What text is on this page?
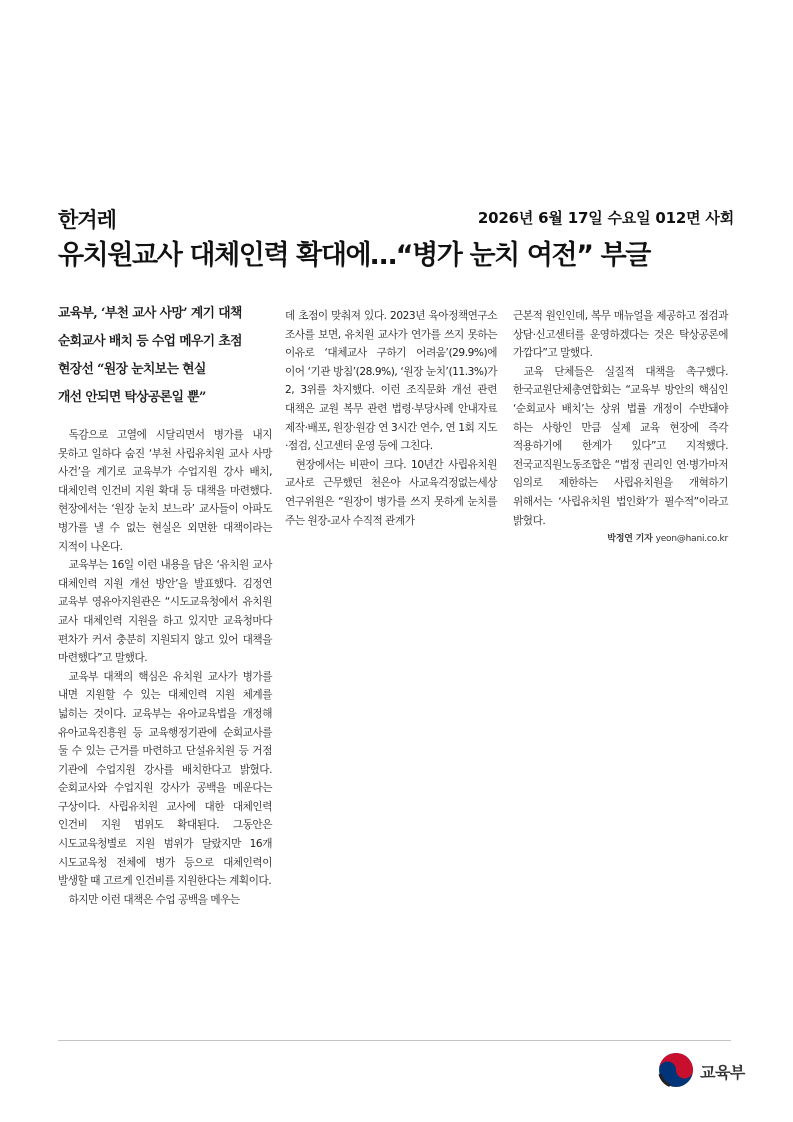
한겨레	2026년 6월 17일 수요일 012면 사회
유치원교사 대체인력 확대에…“병가 눈치 여전” 부글
교육부, ‘부천 교사 사망’ 계기 대책
순회교사 배치 등 수업 메우기 초점
현장선 “원장 눈치보는 현실
개선 안되면 탁상공론일 뿐”

독감으로 고열에 시달리면서 병가를 내지 못하고 일하다 숨진 ‘부천 사립유치원 교사 사망 사건’을 계기로 교육부가 수업지원 강사 배치, 대체인력 인건비 지원 확대 등 대책을 마련했다. 현장에서는 ‘원장 눈치 보느라’ 교사들이 아파도 병가를 낼 수 없는 현실은 외면한 대책이라는 지적이 나온다.

교육부는 16일 이런 내용을 담은 ‘유치원 교사 대체인력 지원 개선 방안’을 발표했다. 김정연 교육부 영유아지원관은 “시도교육청에서 유치원 교사 대체인력 지원을 하고 있지만 교육청마다 편차가 커서 충분히 지원되지 않고 있어 대책을 마련했다”고 말했다.

교육부 대책의 핵심은 유치원 교사가 병가를 내면 지원할 수 있는 대체인력 지원 체계를 넓히는 것이다. 교육부는 유아교육법을 개정해 유아교육진흥원 등 교육행정기관에 순회교사를 둘 수 있는 근거를 마련하고 단설유치원 등 거점 기관에 수업지원 강사를 배치한다고 밝혔다. 순회교사와 수업지원 강사가 공백을 메운다는 구상이다. 사립유치원 교사에 대한 대체인력 인건비 지원 범위도 확대된다. 그동안은 시도교육청별로 지원 범위가 달랐지만 16개 시도교육청 전체에 병가 등으로 대체인력이 발생할 때 고르게 인건비를 지원한다는 계획이다.

하지만 이런 대책은 수업 공백을 메우는

데 초점이 맞춰져 있다. 2023년 육아정책연구소 조사를 보면, 유치원 교사가 연가를 쓰지 못하는 이유로 ‘대체교사 구하기 어려움’(29.9%)에 이어 ‘기관 방침’(28.9%), ‘원장 눈치’(11.3%)가 2, 3위를 차지했다. 이런 조직문화 개선 관련 대책은 교원 복무 관련 법령·부당사례 안내자료 제작·배포, 원장·원감 연 3시간 연수, 연 1회 지도·점검, 신고센터 운영 등에 그친다.

현장에서는 비판이 크다. 10년간 사립유치원 교사로 근무했던 천은아 사교육걱정없는세상 연구위원은 “원장이 병가를 쓰지 못하게 눈치를 주는 원장-교사 수직적 관계가

근본적 원인인데, 복무 매뉴얼을 제공하고 점검과 상담·신고센터를 운영하겠다는 것은 탁상공론에 가깝다”고 말했다.

교육 단체들은 실질적 대책을 촉구했다. 한국교원단체총연합회는 “교육부 방안의 핵심인 ‘순회교사 배치’는 상위 법률 개정이 수반돼야 하는 사항인 만큼 실제 교육 현장에 즉각 적용하기에 한계가 있다”고 지적했다. 전국교직원노동조합은 “법정 권리인 연·병가마저 임의로 제한하는 사립유치원을 개혁하기 위해서는 ‘사립유치원 법인화’가 필수적”이라고 밝혔다.

박정연 기자 yeon@hani.co.kr

교육부
